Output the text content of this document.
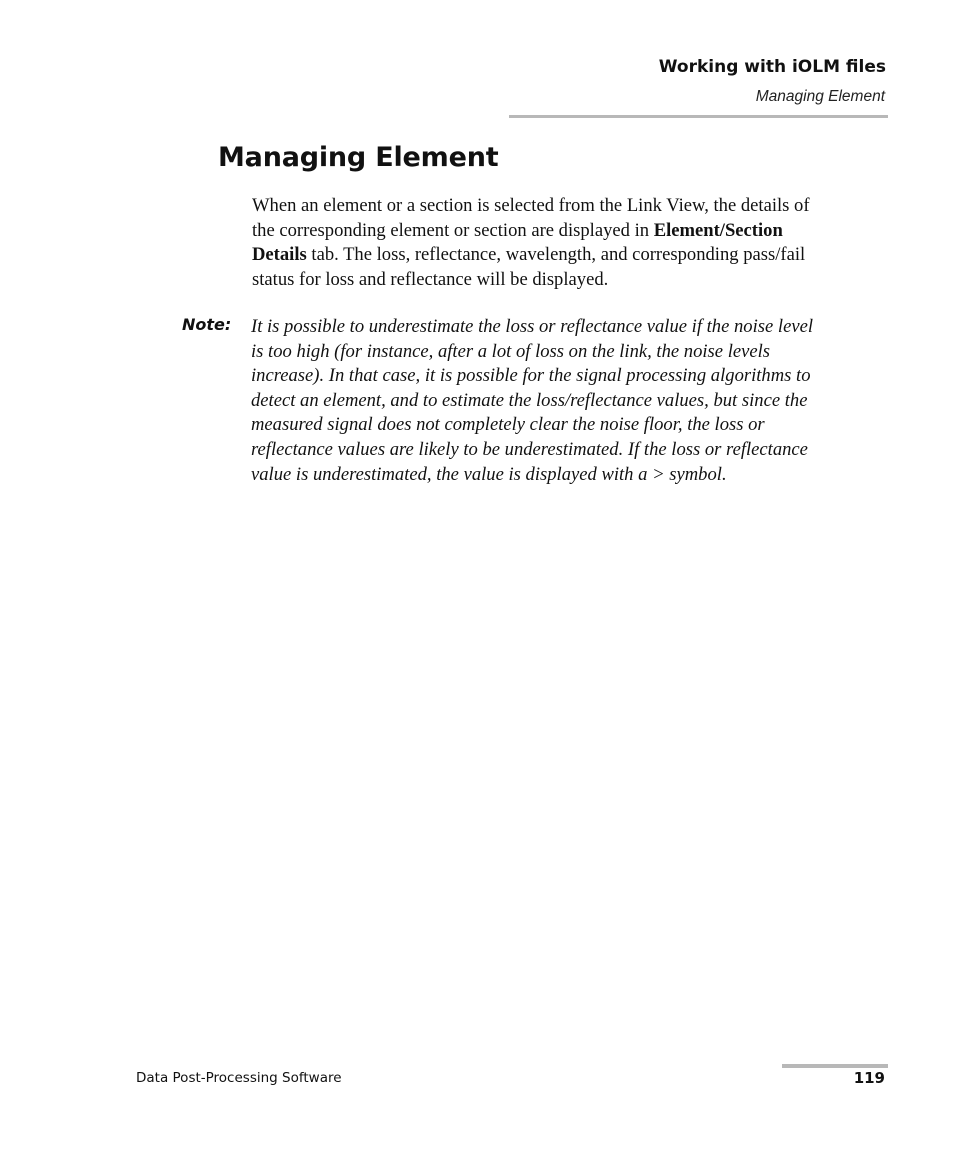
Working with iOLM files
Managing Element
Managing Element
When an element or a section is selected from the Link View, the details of
the corresponding element or section are displayed in Element/Section
Details tab. The loss, reflectance, wavelength, and corresponding pass/fail
status for loss and reflectance will be displayed.
Note: It is possible to underestimate the loss or reflectance value if the noise level
is too high (for instance, after a lot of loss on the link, the noise levels
increase). In that case, it is possible for the signal processing algorithms to
detect an element, and to estimate the loss/reflectance values, but since the
measured signal does not completely clear the noise floor, the loss or
reflectance values are likely to be underestimated. If the loss or reflectance
value is underestimated, the value is displayed with a > symbol.
Data Post-Processing Software	119
